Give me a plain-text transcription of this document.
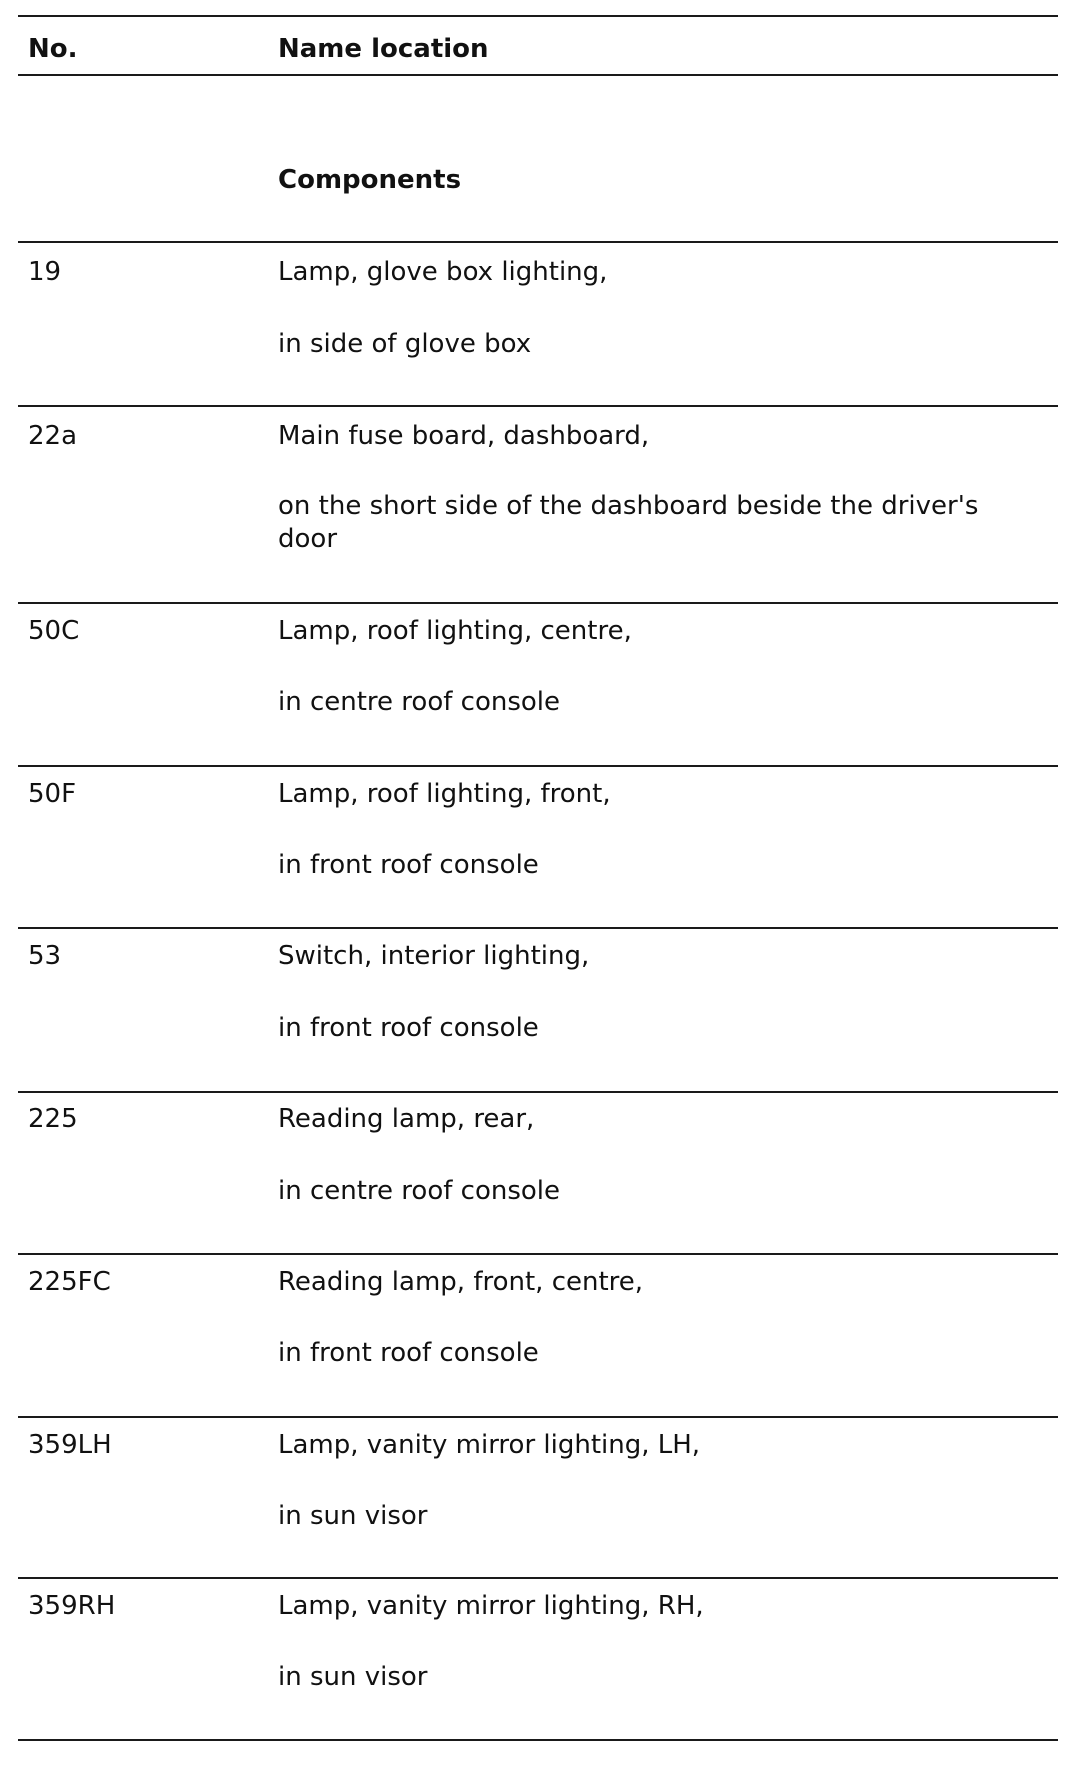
No.	Name location
Components
19	Lamp, glove box lighting,
in side of glove box
22a	Main fuse board, dashboard,
on the short side of the dashboard beside the driver's door
50C	Lamp, roof lighting, centre,
in centre roof console
50F	Lamp, roof lighting, front,
in front roof console
53	Switch, interior lighting,
in front roof console
225	Reading lamp, rear,
in centre roof console
225FC	Reading lamp, front, centre,
in front roof console
359LH	Lamp, vanity mirror lighting, LH,
in sun visor
359RH	Lamp, vanity mirror lighting, RH,
in sun visor
